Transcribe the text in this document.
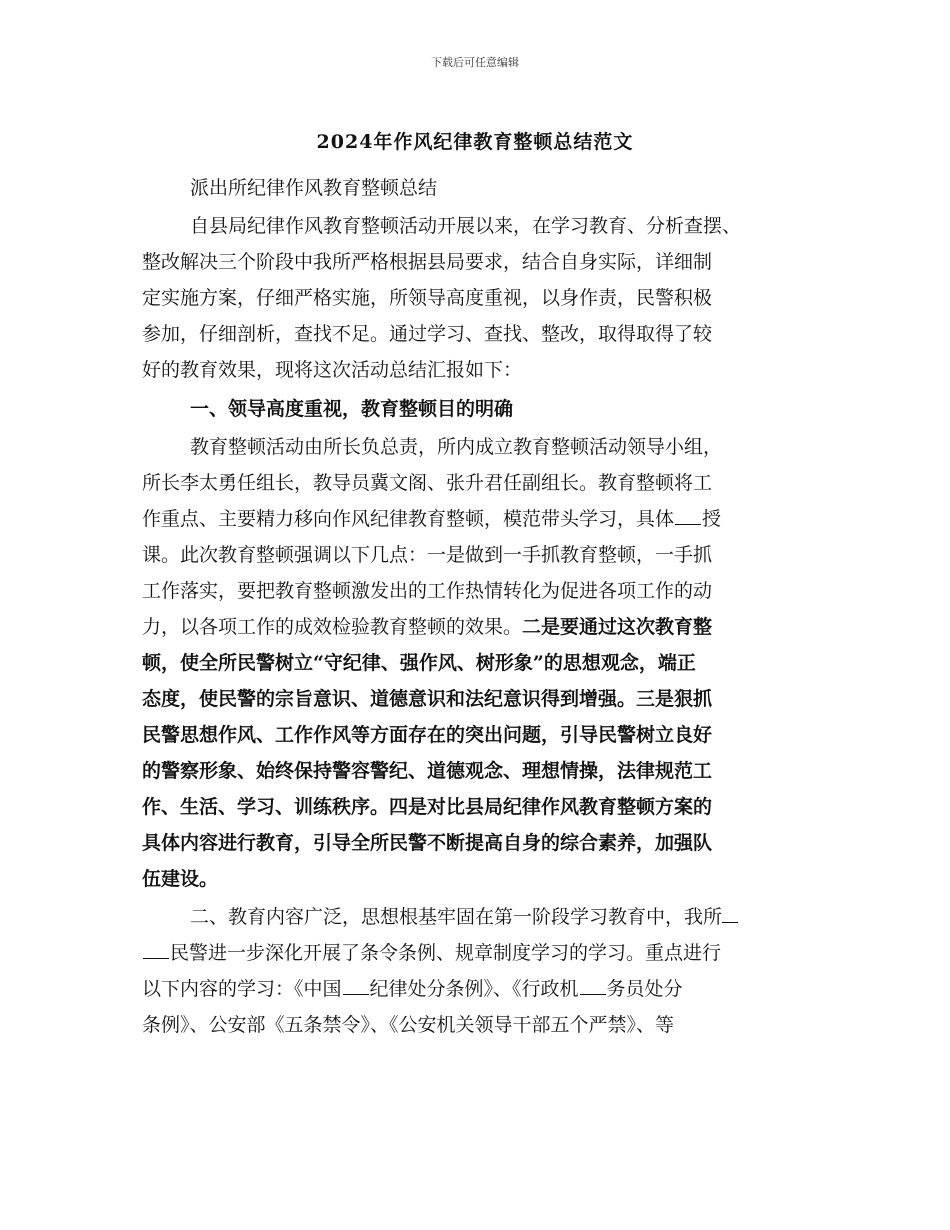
下载后可任意编辑
2024年作风纪律教育整顿总结范文
派出所纪律作风教育整顿总结
自县局纪律作风教育整顿活动开展以来，在学习教育、分析查摆、
整改解决三个阶段中我所严格根据县局要求，结合自身实际，详细制
定实施方案，仔细严格实施，所领导高度重视，以身作责，民警积极
参加，仔细剖析，查找不足。通过学习、查找、整改，取得取得了较
好的教育效果，现将这次活动总结汇报如下：
一、领导高度重视，教育整顿目的明确
教育整顿活动由所长负总责，所内成立教育整顿活动领导小组，
所长李太勇任组长，教导员冀文阁、张升君任副组长。教育整顿将工
作重点、主要精力移向作风纪律教育整顿，模范带头学习，具体 授
课。此次教育整顿强调以下几点：一是做到一手抓教育整顿，一手抓
工作落实，要把教育整顿激发出的工作热情转化为促进各项工作的动
力，以各项工作的成效检验教育整顿的效果。二是要通过这次教育整
顿，使全所民警树立“守纪律、强作风、树形象”的思想观念，端正
态度，使民警的宗旨意识、道德意识和法纪意识得到增强。三是狠抓
民警思想作风、工作作风等方面存在的突出问题，引导民警树立良好
的警察形象、始终保持警容警纪、道德观念、理想情操，法律规范工
作、生活、学习、训练秩序。四是对比县局纪律作风教育整顿方案的
具体内容进行教育，引导全所民警不断提高自身的综合素养，加强队
伍建设。
二、教育内容广泛，思想根基牢固在第一阶段学习教育中，我所
民警进一步深化开展了条令条例、规章制度学习的学习。重点进行
以下内容的学习：《中国 纪律处分条例》、《行政机 务员处分
条例》、公安部《五条禁令》、《公安机关领导干部五个严禁》、等
